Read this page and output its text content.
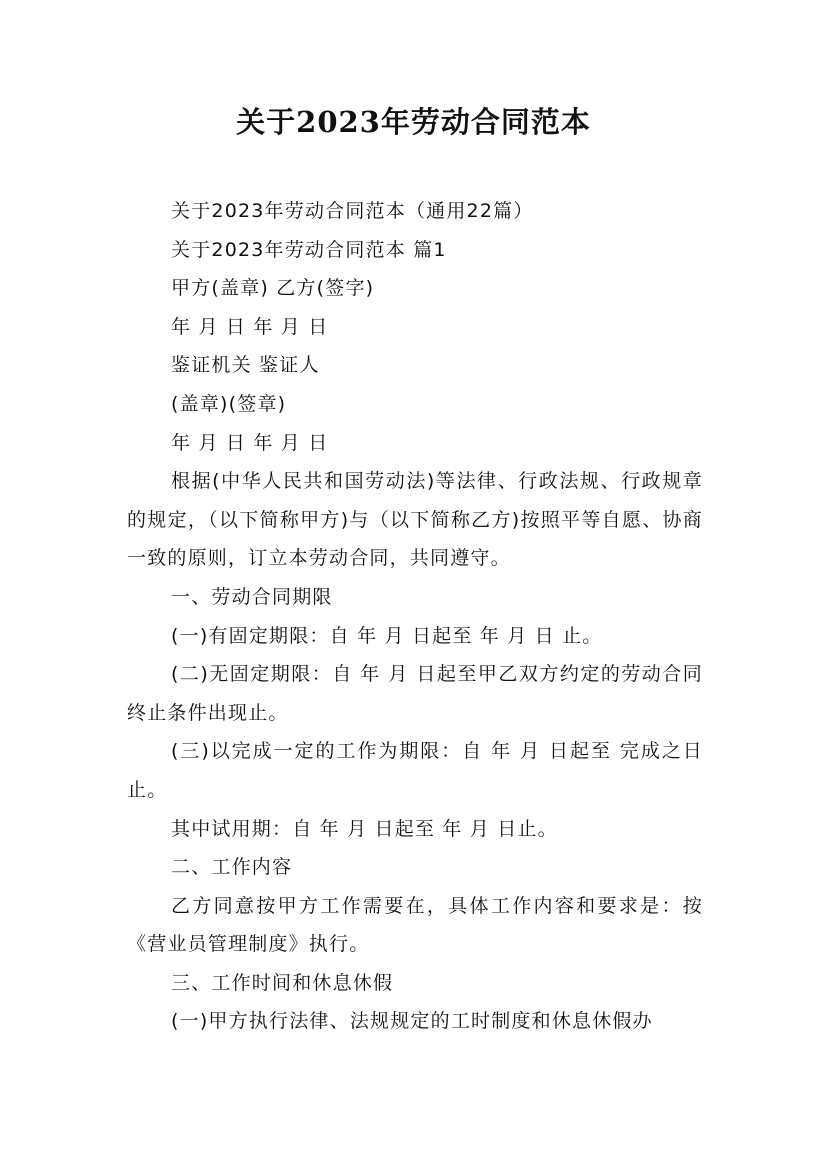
关于2023年劳动合同范本

关于2023年劳动合同范本（通用22篇）

关于2023年劳动合同范本 篇1

甲方(盖章) 乙方(签字)

年 月 日 年 月 日

鉴证机关 鉴证人

(盖章)(签章)

年 月 日 年 月 日

根据(中华人民共和国劳动法)等法律、行政法规、行政规章的规定，（以下简称甲方)与（以下简称乙方)按照平等自愿、协商一致的原则，订立本劳动合同，共同遵守。

一、劳动合同期限

(一)有固定期限：自 年 月 日起至 年 月 日 止。

(二)无固定期限：自 年 月 日起至甲乙双方约定的劳动合同终止条件出现止。

(三)以完成一定的工作为期限：自 年 月 日起至 完成之日止。

其中试用期：自 年 月 日起至 年 月 日止。

二、工作内容

乙方同意按甲方工作需要在，具体工作内容和要求是：按《营业员管理制度》执行。

三、工作时间和休息休假

(一)甲方执行法律、法规规定的工时制度和休息休假办
